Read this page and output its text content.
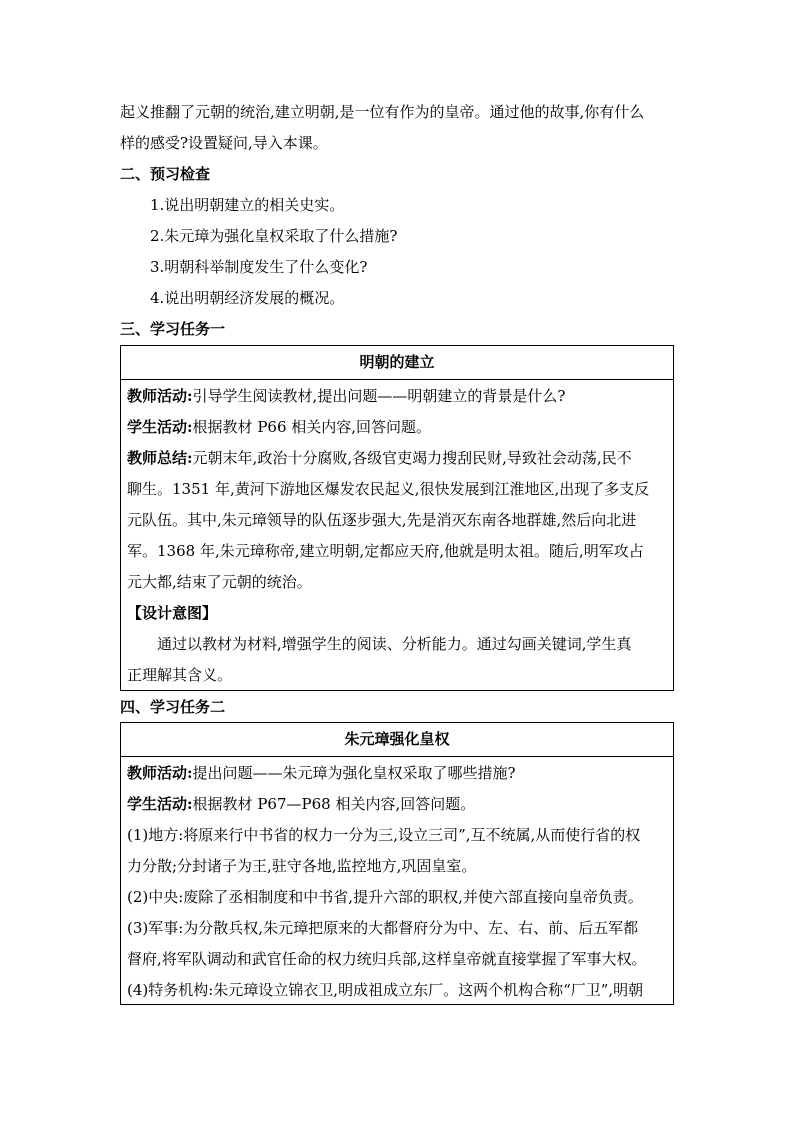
起义推翻了元朝的统治,建立明朝,是一位有作为的皇帝。通过他的故事,你有什么
样的感受?设置疑问,导入本课。
二、预习检查
1.说出明朝建立的相关史实。
2.朱元璋为强化皇权采取了什么措施?
3.明朝科举制度发生了什么变化?
4.说出明朝经济发展的概况。
三、学习任务一
明朝的建立
教师活动:引导学生阅读教材,提出问题——明朝建立的背景是什么?
学生活动:根据教材 P66 相关内容,回答问题。
教师总结:元朝末年,政治十分腐败,各级官吏竭力搜刮民财,导致社会动荡,民不
聊生。1351 年,黄河下游地区爆发农民起义,很快发展到江淮地区,出现了多支反
元队伍。其中,朱元璋领导的队伍逐步强大,先是消灭东南各地群雄,然后向北进
军。1368 年,朱元璋称帝,建立明朝,定都应天府,他就是明太祖。随后,明军攻占
元大都,结束了元朝的统治。
【设计意图】
通过以教材为材料,增强学生的阅读、分析能力。通过勾画关键词,学生真
正理解其含义。
四、学习任务二
朱元璋强化皇权
教师活动:提出问题——朱元璋为强化皇权采取了哪些措施?
学生活动:根据教材 P67—P68 相关内容,回答问题。
(1)地方:将原来行中书省的权力一分为三,设立三司”,互不统属,从而使行省的权
力分散;分封诸子为王,驻守各地,监控地方,巩固皇室。
(2)中央:废除了丞相制度和中书省,提升六部的职权,并使六部直接向皇帝负责。
(3)军事:为分散兵权,朱元璋把原来的大都督府分为中、左、右、前、后五军都
督府,将军队调动和武官任命的权力统归兵部,这样皇帝就直接掌握了军事大权。
(4)特务机构:朱元璋设立锦衣卫,明成祖成立东厂。这两个机构合称“厂卫”,明朝
